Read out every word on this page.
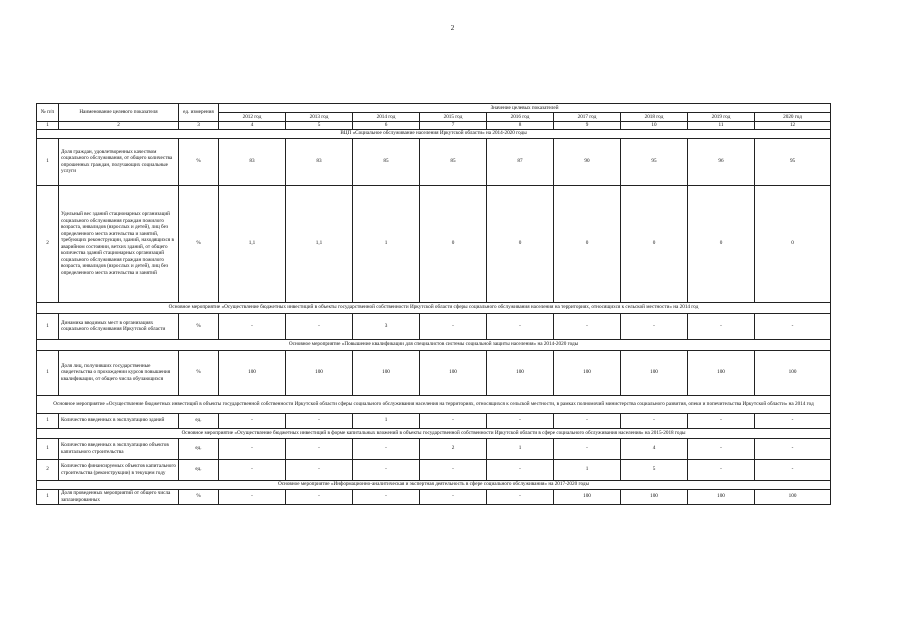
2
№ п/п	Наименование целевого показателя	ед. измерения	Значение целевых показателей								
			2012 год	2013 год	2014 год	2015 год	2016 год	2017 год	2018 год	2019 год	2020 год
1	2	3	4	5	6	7	8	9	10	11	12
ВЦП «Социальное обслуживание населения Иркутской области» на 2014-2020 годы											
1	Доля граждан, удовлетворенных качеством социального обслуживания, от общего количества опрошенных граждан, получающих социальные услуги	%	83	83	85	85	87	90	95	96	95
2	Удельный вес зданий стационарных организаций социального обслуживания граждан пожилого возраста, инвалидов (взрослых и детей), лиц без определенного места жительства и занятий, требующих реконструкции, зданий, находящихся в аварийном состоянии, ветхих зданий, от общего количества зданий стационарных организаций социального обслуживания граждан пожилого возраста, инвалидов (взрослых и детей), лиц без определенного места жительства и занятий	%	1,1	1,1	1	0	0	0	0	0	0
Основное мероприятие «Осуществление бюджетных инвестиций в объекты государственной собственности Иркутской области сферы социального обслуживания населения на территориях, относящихся к сельской местности» на 2014 год											
1	Динамика вводимых мест в организациях социального обслуживания Иркутской области	%	-	-	3	-	-	-	-	-	-
Основное мероприятие «Повышение квалификации для специалистов системы социальной защиты населения» на 2014-2020 годы											
1	Доля лиц, получивших государственные свидетельства о прохождении курсов повышения квалификации, от общего числа обучающихся	%	100	100	100	100	100	100	100	100	100
Основное мероприятие «Осуществление бюджетных инвестиций в объекты государственной собственности Иркутской области сферы социального обслуживания населения на территориях, относящихся к сельской местности, в рамках полномочий министерства социального развития, опеки и попечительства Иркутской области» на 2014 год											
1	Количество введенных в эксплуатацию зданий	ед.	-	-	1	-	-	-	-	-	-
Основное мероприятие «Осуществление бюджетных инвестиций в форме капитальных вложений в объекты государственной собственности Иркутской области в сфере социального обслуживания населения» на 2015-2018 годы											
1	Количество введенных в эксплуатацию объектов капитального строительства	ед.	-	-	-	2	1	-	4	-	-
2	Количество финансируемых объектов капитального строительства (реконструкции) в текущем году	ед.	-	-	-	-	-	1	5	-	-
Основное мероприятие «Информационно-аналитическая и экспертная деятельность в сфере социального обслуживания» на 2017-2020 годы											
1	Доля проведенных мероприятий от общего числа запланированных	%	-	-	-	-	-	100	100	100	100
